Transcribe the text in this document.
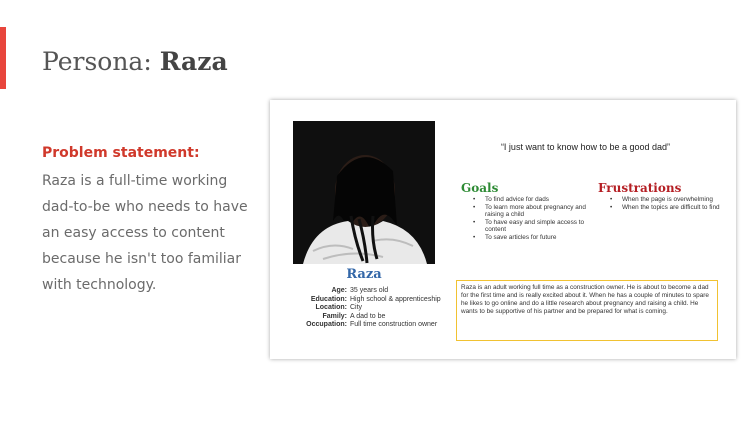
Persona: Raza
Problem statement:
Raza is a full-time working dad-to-be who needs to have an easy access to content because he isn't too familiar with technology.
Raza
Age: 35 years old
Education: High school & apprenticeship
Location: City
Family: A dad to be
Occupation: Full time construction owner
“I just want to know how to be a good dad”
Goals
• To find advice for dads
• To learn more about pregnancy and raising a child
• To have easy and simple access to content
• To save articles for future
Frustrations
• When the page is overwhelming
• When the topics are difficult to find
Raza is an adult working full time as a construction owner. He is about to become a dad for the first time and is really excited about it. When he has a couple of minutes to spare he likes to go online and do a little research about pregnancy and raising a child. He wants to be supportive of his partner and be prepared for what is coming.
